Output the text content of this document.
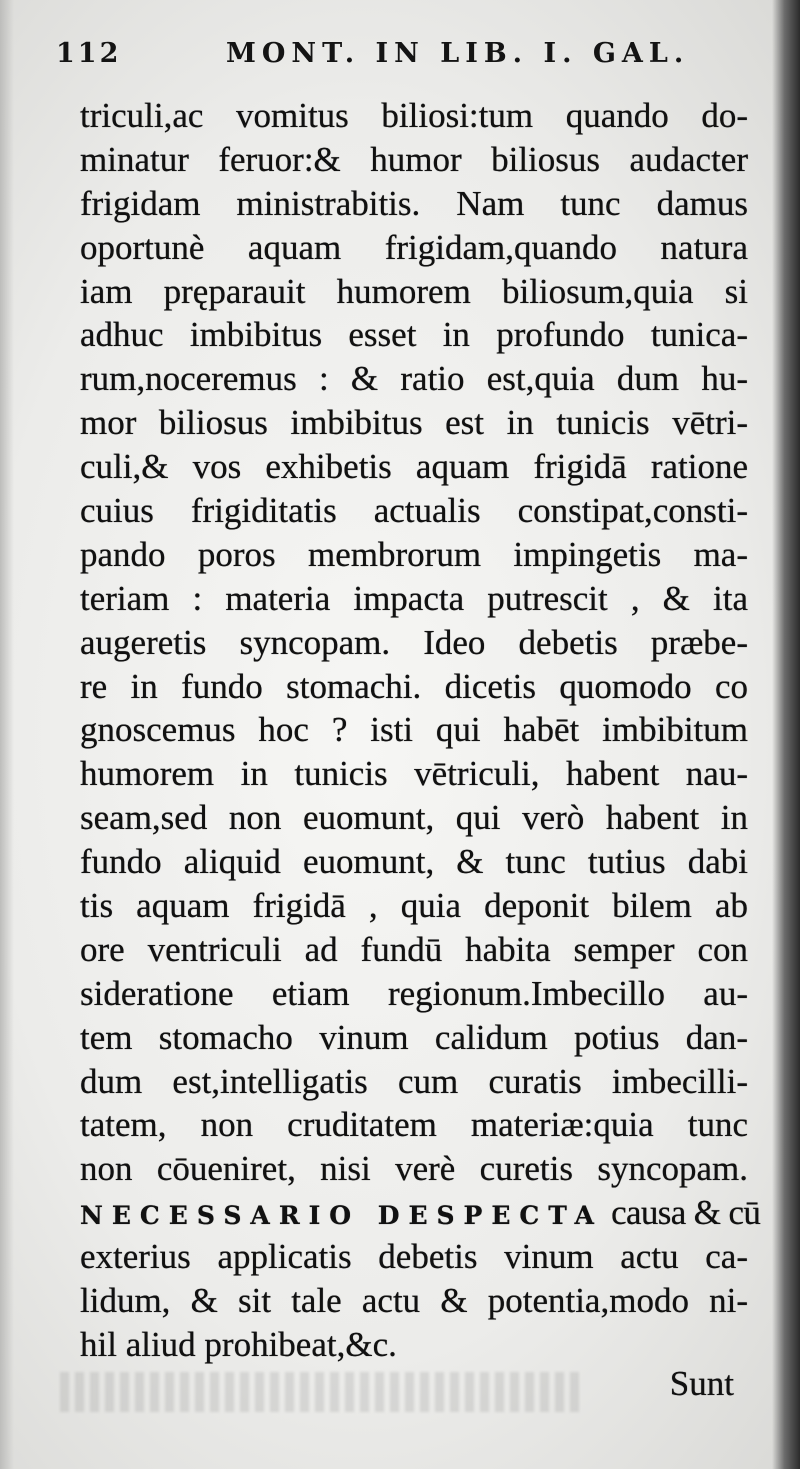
112	MONT. IN LIB. I. GAL.
triculi,ac vomitus biliosi:tum quando do-
minatur feruor:& humor biliosus audacter
frigidam ministrabitis. Nam tunc damus
oportunè aquam frigidam,quando natura
iam pręparauit humorem biliosum,quia si
adhuc imbibitus esset in profundo tunica-
rum,noceremus : & ratio est,quia dum hu-
mor biliosus imbibitus est in tunicis vētri-
culi,& vos exhibetis aquam frigidā ratione
cuius frigiditatis actualis constipat,consti-
pando poros membrorum impingetis ma-
teriam : materia impacta putrescit , & ita
augeretis syncopam. Ideo debetis præbe-
re in fundo stomachi. dicetis quomodo co
gnoscemus hoc ? isti qui habēt imbibitum
humorem in tunicis vētriculi, habent nau-
seam,sed non euomunt, qui verò habent in
fundo aliquid euomunt, & tunc tutius dabi
tis aquam frigidā , quia deponit bilem ab
ore ventriculi ad fundū habita semper con
sideratione etiam regionum.Imbecillo au-
tem stomacho vinum calidum potius dan-
dum est,intelligatis cum curatis imbecilli-
tatem, non cruditatem materiæ:quia tunc
non cōueniret, nisi verè curetis syncopam.
NECESSARIO DESPECTA causa & cū
exterius applicatis debetis vinum actu ca-
lidum, & sit tale actu & potentia,modo ni-
hil aliud prohibeat,&c.
Sunt
